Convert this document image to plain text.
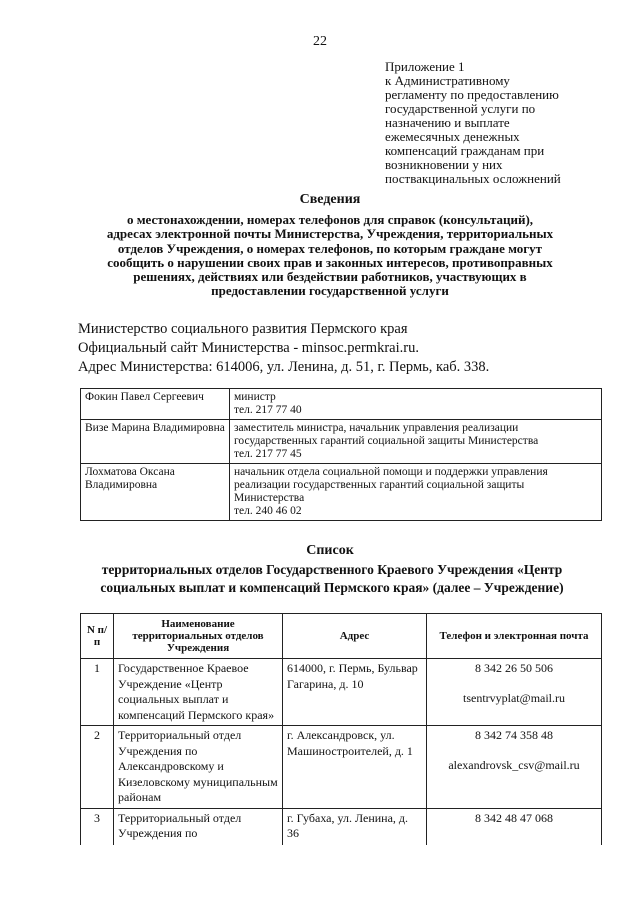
22
Приложение 1
к Административному
регламенту по предоставлению
государственной услуги по
назначению и выплате
ежемесячных денежных
компенсаций гражданам при
возникновении у них
поствакцинальных осложнений
Сведения
о местонахождении, номерах телефонов для справок (консультаций),
адресах электронной почты Министерства, Учреждения, территориальных
отделов Учреждения, о номерах телефонов, по которым граждане могут
сообщить о нарушении своих прав и законных интересов, противоправных
решениях, действиях или бездействии работников, участвующих в
предоставлении государственной услуги
Министерство социального развития Пермского края
Официальный сайт Министерства - minsoc.permkrai.ru.
Адрес Министерства: 614006, ул. Ленина, д. 51, г. Пермь, каб. 338.
Фокин Павел Сергеевич	министр
тел. 217 77 40

Визе Марина Владимировна	заместитель министра, начальник управления реализации государственных гарантий социальной защиты Министерства
тел. 217 77 45

Лохматова Оксана Владимировна	начальник отдела социальной помощи и поддержки управления реализации государственных гарантий социальной защиты Министерства
тел. 240 46 02
Список
территориальных отделов Государственного Краевого Учреждения «Центр
социальных выплат и компенсаций Пермского края» (далее – Учреждение)
N п/п	Наименование территориальных отделов Учреждения	Адрес	Телефон и электронная почта
1	Государственное Краевое Учреждение «Центр социальных выплат и компенсаций Пермского края»	614000, г. Пермь, Бульвар Гагарина, д. 10	8 342 26 50 506
tsentrvyplat@mail.ru

2	Территориальный отдел Учреждения по Александровскому и Кизеловскому муниципальным районам	г. Александровск, ул. Машиностроителей, д. 1	8 342 74 358 48
alexandrovsk_csv@mail.ru

3	Территориальный отдел Учреждения по	г. Губаха, ул. Ленина, д. 36	8 342 48 47 068
